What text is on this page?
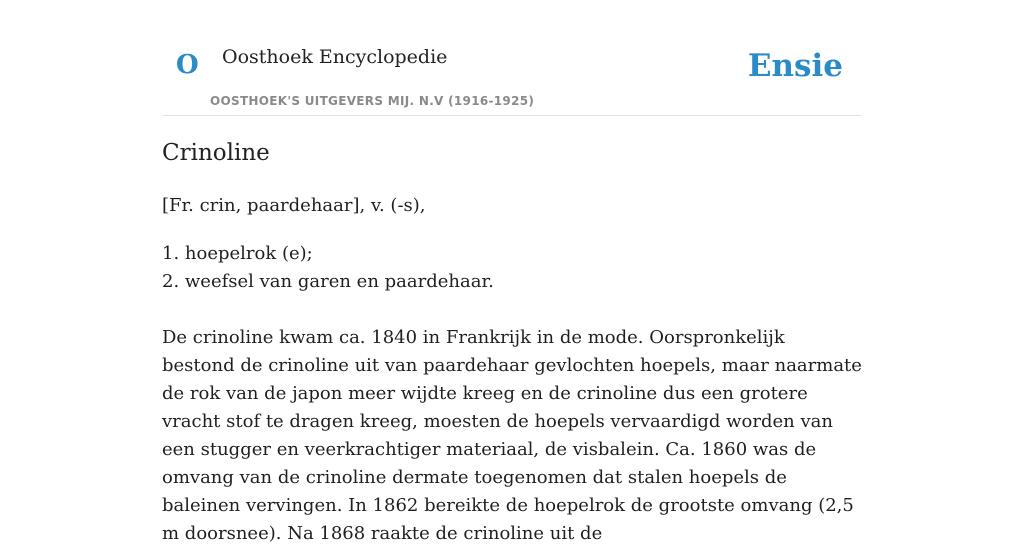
O Oosthoek Encyclopedie
OOSTHOEK'S UITGEVERS MIJ. N.V (1916-1925)
Ensie
Crinoline
[Fr. crin, paardehaar], v. (-s),
1. hoepelrok (e);
2. weefsel van garen en paardehaar.

De crinoline kwam ca. 1840 in Frankrijk in de mode. Oorspronkelijk bestond de crinoline uit van paardehaar gevlochten hoepels, maar naarmate de rok van de japon meer wijdte kreeg en de crinoline dus een grotere vracht stof te dragen kreeg, moesten de hoepels vervaardigd worden van een stugger en veerkrachtiger materiaal, de visbalein. Ca. 1860 was de omvang van de crinoline dermate toegenomen dat stalen hoepels de baleinen vervingen. In 1862 bereikte de hoepelrok de grootste omvang (2,5 m doorsnee). Na 1868 raakte de crinoline uit de
